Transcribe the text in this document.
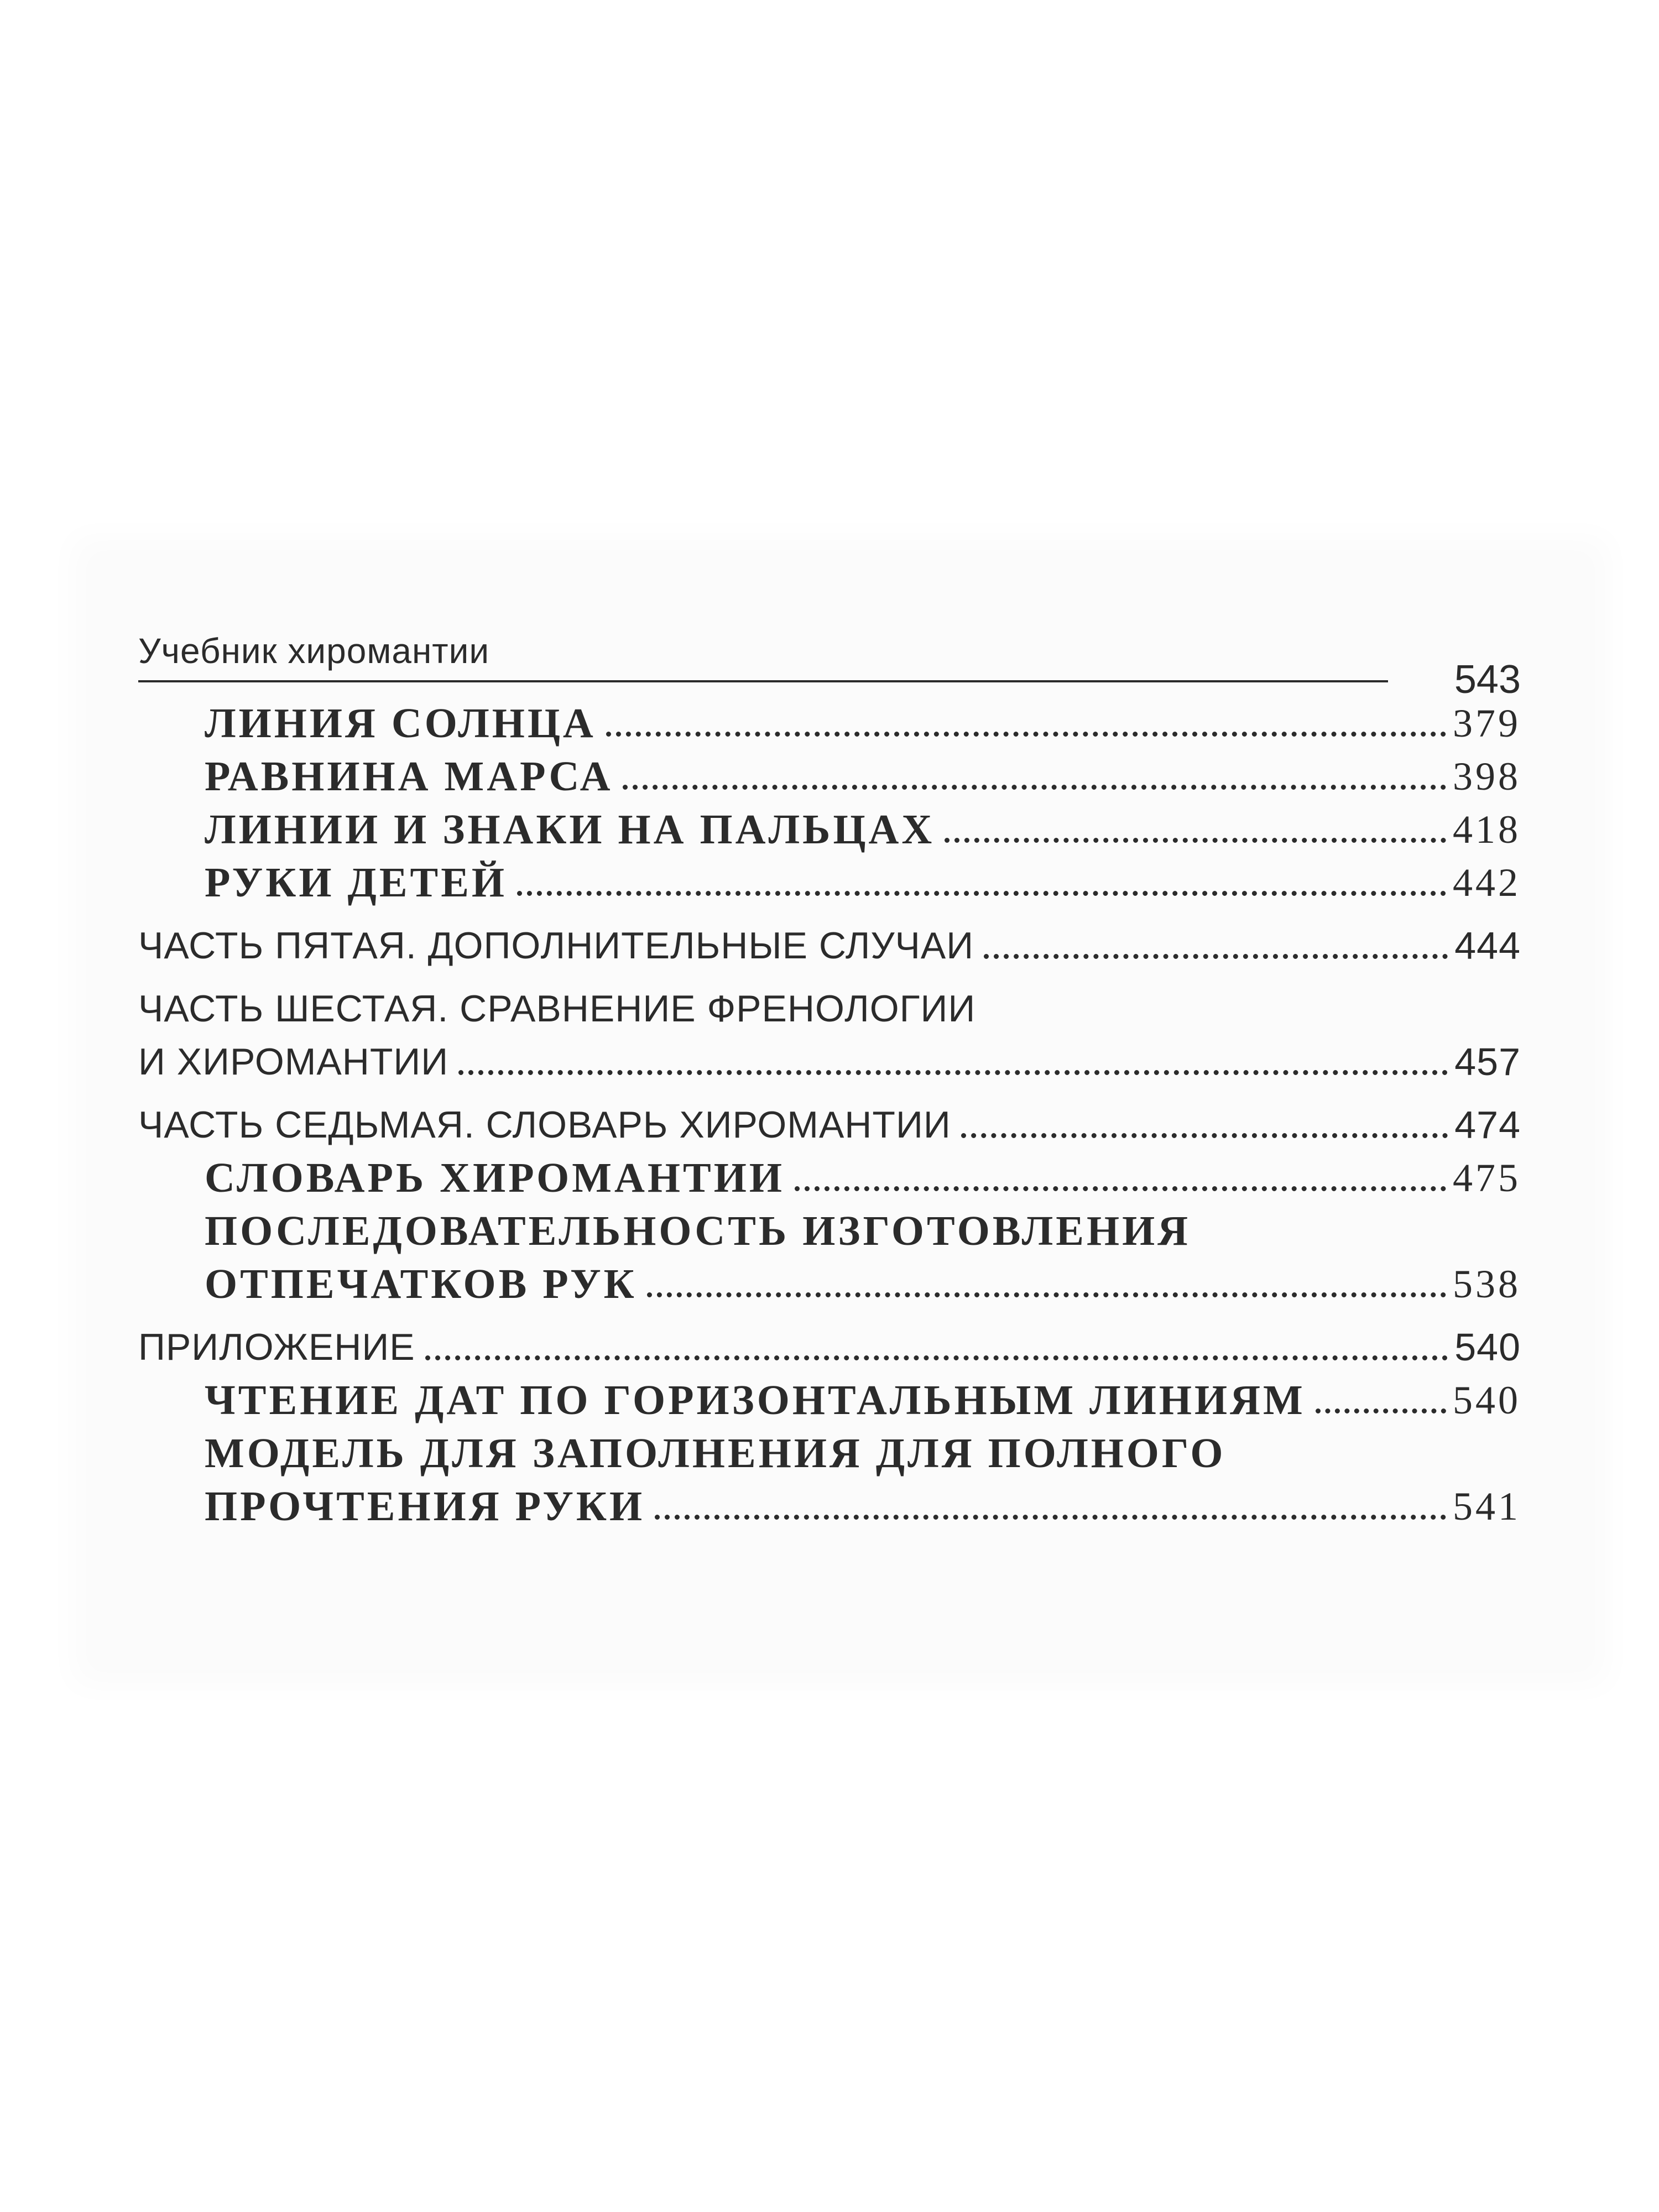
Учебник хиромантии
543
ЛИНИЯ СОЛНЦА	379
РАВНИНА МАРСА	398
ЛИНИИ И ЗНАКИ НА ПАЛЬЦАХ	418
РУКИ ДЕТЕЙ	442
ЧАСТЬ ПЯТАЯ. ДОПОЛНИТЕЛЬНЫЕ СЛУЧАИ	444
ЧАСТЬ ШЕСТАЯ. СРАВНЕНИЕ ФРЕНОЛОГИИ
И ХИРОМАНТИИ	457
ЧАСТЬ СЕДЬМАЯ. СЛОВАРЬ ХИРОМАНТИИ	474
СЛОВАРЬ ХИРОМАНТИИ	475
ПОСЛЕДОВАТЕЛЬНОСТЬ ИЗГОТОВЛЕНИЯ
ОТПЕЧАТКОВ РУК	538
ПРИЛОЖЕНИЕ	540
ЧТЕНИЕ ДАТ ПО ГОРИЗОНТАЛЬНЫМ ЛИНИЯМ	540
МОДЕЛЬ ДЛЯ ЗАПОЛНЕНИЯ ДЛЯ ПОЛНОГО
ПРОЧТЕНИЯ РУКИ	541
